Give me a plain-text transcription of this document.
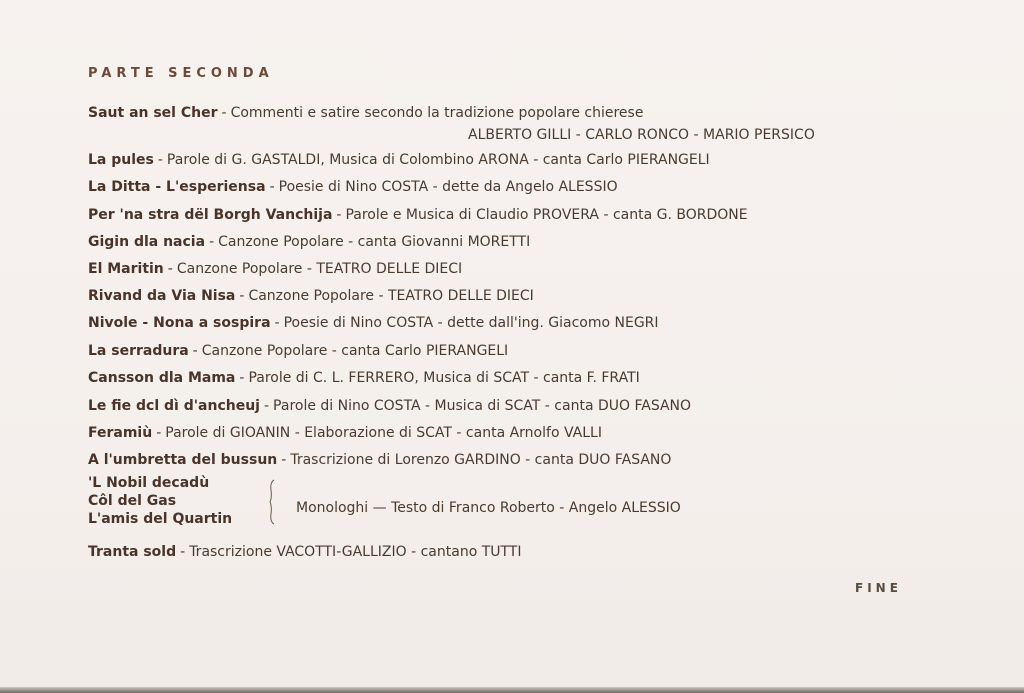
PARTE SECONDA
Saut an sel Cher - Commenti e satire secondo la tradizione popolare chierese
ALBERTO GILLI - CARLO RONCO - MARIO PERSICO
La pules - Parole di G. GASTALDI, Musica di Colombino ARONA - canta Carlo PIERANGELI
La Ditta - L'esperiensa - Poesie di Nino COSTA - dette da Angelo ALESSIO
Per 'na stra dël Borgh Vanchija - Parole e Musica di Claudio PROVERA - canta G. BORDONE
Gigin dla nacia - Canzone Popolare - canta Giovanni MORETTI
El Maritin - Canzone Popolare - TEATRO DELLE DIECI
Rivand da Via Nisa - Canzone Popolare - TEATRO DELLE DIECI
Nivole - Nona a sospira - Poesie di Nino COSTA - dette dall'ing. Giacomo NEGRI
La serradura - Canzone Popolare - canta Carlo PIERANGELI
Cansson dla Mama - Parole di C. L. FERRERO, Musica di SCAT - canta F. FRATI
Le fie dcl dì d'ancheuj - Parole di Nino COSTA - Musica di SCAT - canta DUO FASANO
Feramiù - Parole di GIOANIN - Elaborazione di SCAT - canta Arnolfo VALLI
A l'umbretta del bussun - Trascrizione di Lorenzo GARDINO - canta DUO FASANO
'L Nobil decadù
Côl del Gas
L'amis del Quartin
Monologhi — Testo di Franco Roberto - Angelo ALESSIO
Tranta sold - Trascrizione VACOTTI-GALLIZIO - cantano TUTTI
FINE
